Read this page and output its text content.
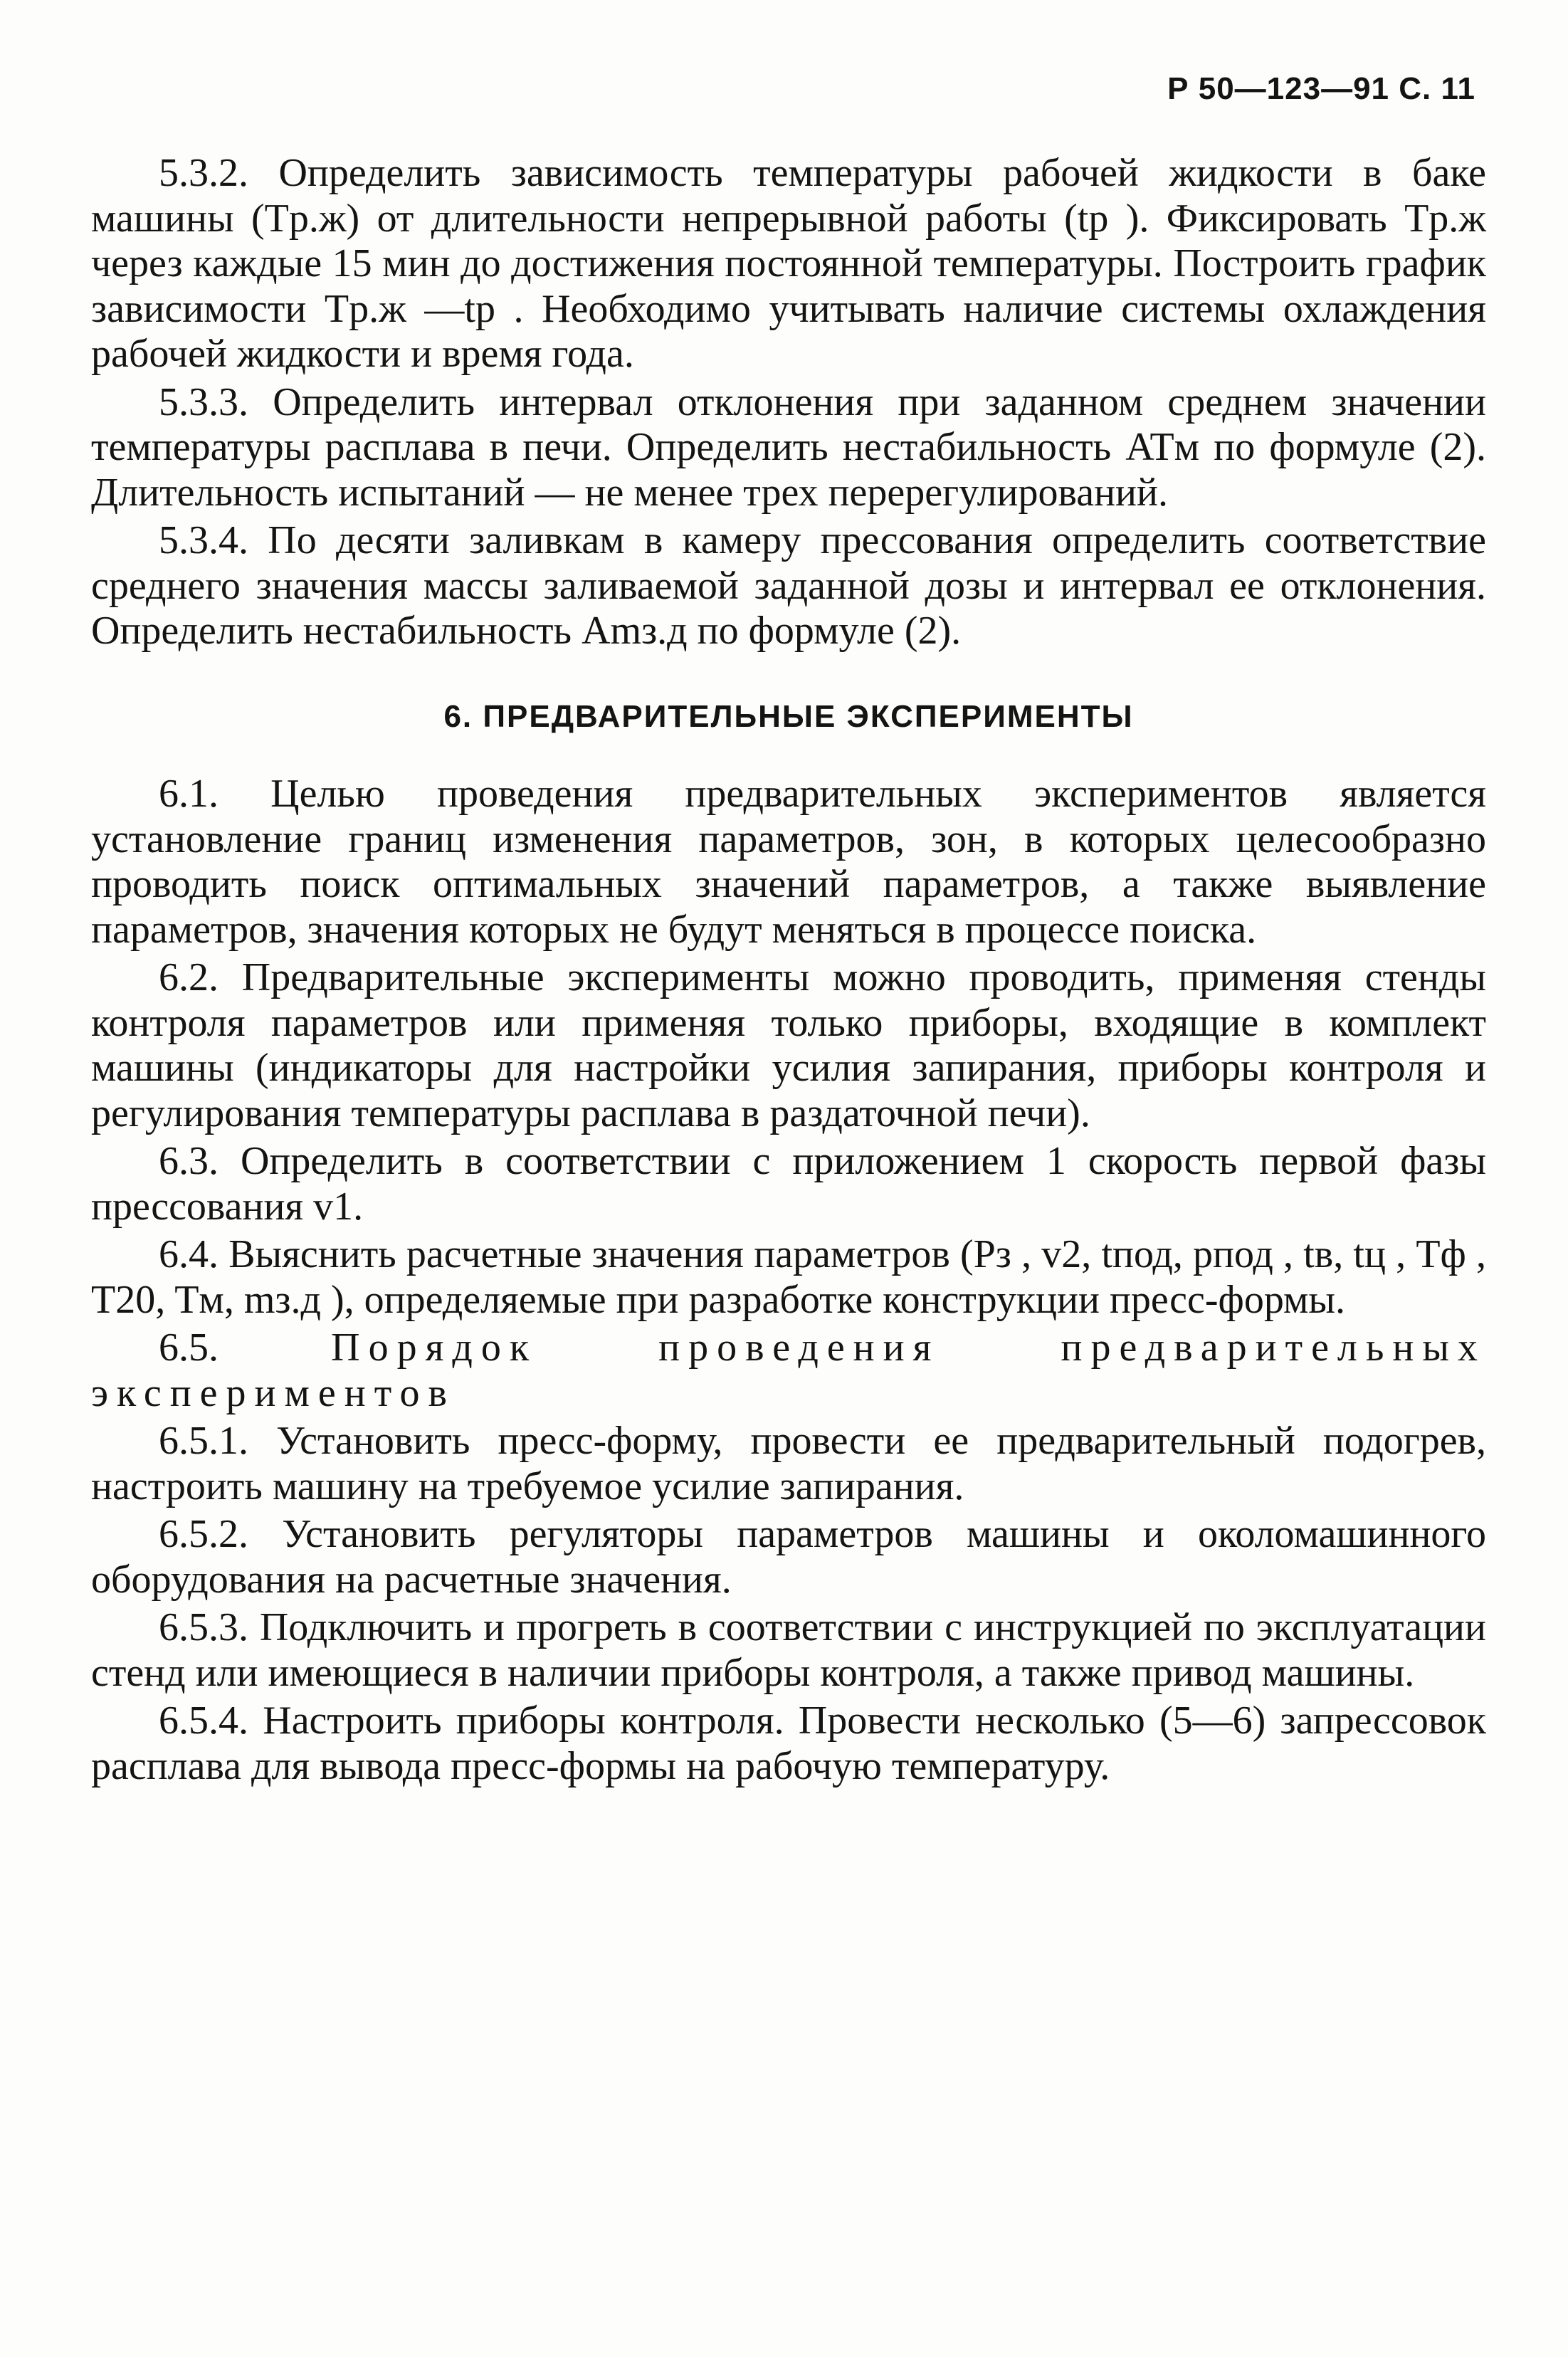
Р 50—123—91 С. 11

5.3.2. Определить зависимость температуры рабочей жидкости в баке машины (Tр.ж) от длительности непрерывной работы (tр ). Фиксировать Tр.ж через каждые 15 мин до достижения постоянной температуры. Построить график зависимости Tр.ж —tр . Необходимо учитывать наличие системы охлаждения рабочей жидкости и время года.

5.3.3. Определить интервал отклонения при заданном среднем значении температуры расплава в печи. Определить нестабильность ATм по формуле (2). Длительность испытаний — не менее трех перерегулирований.

5.3.4. По десяти заливкам в камеру прессования определить соответствие среднего значения массы заливаемой заданной дозы и интервал ее отклонения. Определить нестабильность Amз.д по формуле (2).

6. ПРЕДВАРИТЕЛЬНЫЕ ЭКСПЕРИМЕНТЫ

6.1. Целью проведения предварительных экспериментов является установление границ изменения параметров, зон, в которых целесообразно проводить поиск оптимальных значений параметров, а также выявление параметров, значения которых не будут меняться в процессе поиска.

6.2. Предварительные эксперименты можно проводить, применяя стенды контроля параметров или применяя только приборы, входящие в комплект машины (индикаторы для настройки усилия запирания, приборы контроля и регулирования температуры расплава в раздаточной печи).

6.3. Определить в соответствии с приложением 1 скорость первой фазы прессования v1.

6.4. Выяснить расчетные значения параметров (Pз , v2, tпод, pпод , tв, tц , Tф , T20, Tм, mз.д ), определяемые при разработке конструкции пресс-формы.

6.5.	Порядок проведения предварительных экспериментов

6.5.1. Установить пресс-форму, провести ее предварительный подогрев, настроить машину на требуемое усилие запирания.

6.5.2. Установить регуляторы параметров машины и околомашинного оборудования на расчетные значения.

6.5.3. Подключить и прогреть в соответствии с инструкцией по эксплуатации стенд или имеющиеся в наличии приборы контроля, а также привод машины.

6.5.4. Настроить приборы контроля. Провести несколько (5—6) запрессовок расплава для вывода пресс-формы на рабочую температуру.
